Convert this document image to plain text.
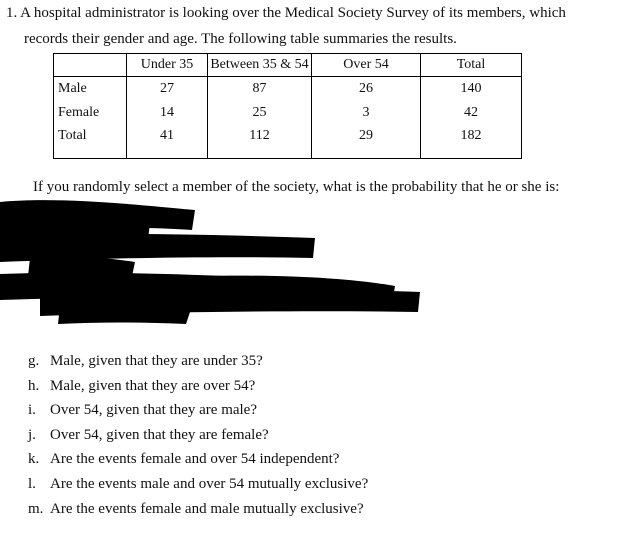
1. A hospital administrator is looking over the Medical Society Survey of its members, which
records their gender and age. The following table summaries the results.
	Under 35	Between 35 & 54	Over 54	Total
Male	27	87	26	140
Female	14	25	3	42
Total	41	112	29	182
If you randomly select a member of the society, what is the probability that he or she is:
g. Male, given that they are under 35?
h. Male, given that they are over 54?
i. Over 54, given that they are male?
j. Over 54, given that they are female?
k. Are the events female and over 54 independent?
l. Are the events male and over 54 mutually exclusive?
m. Are the events female and male mutually exclusive?
